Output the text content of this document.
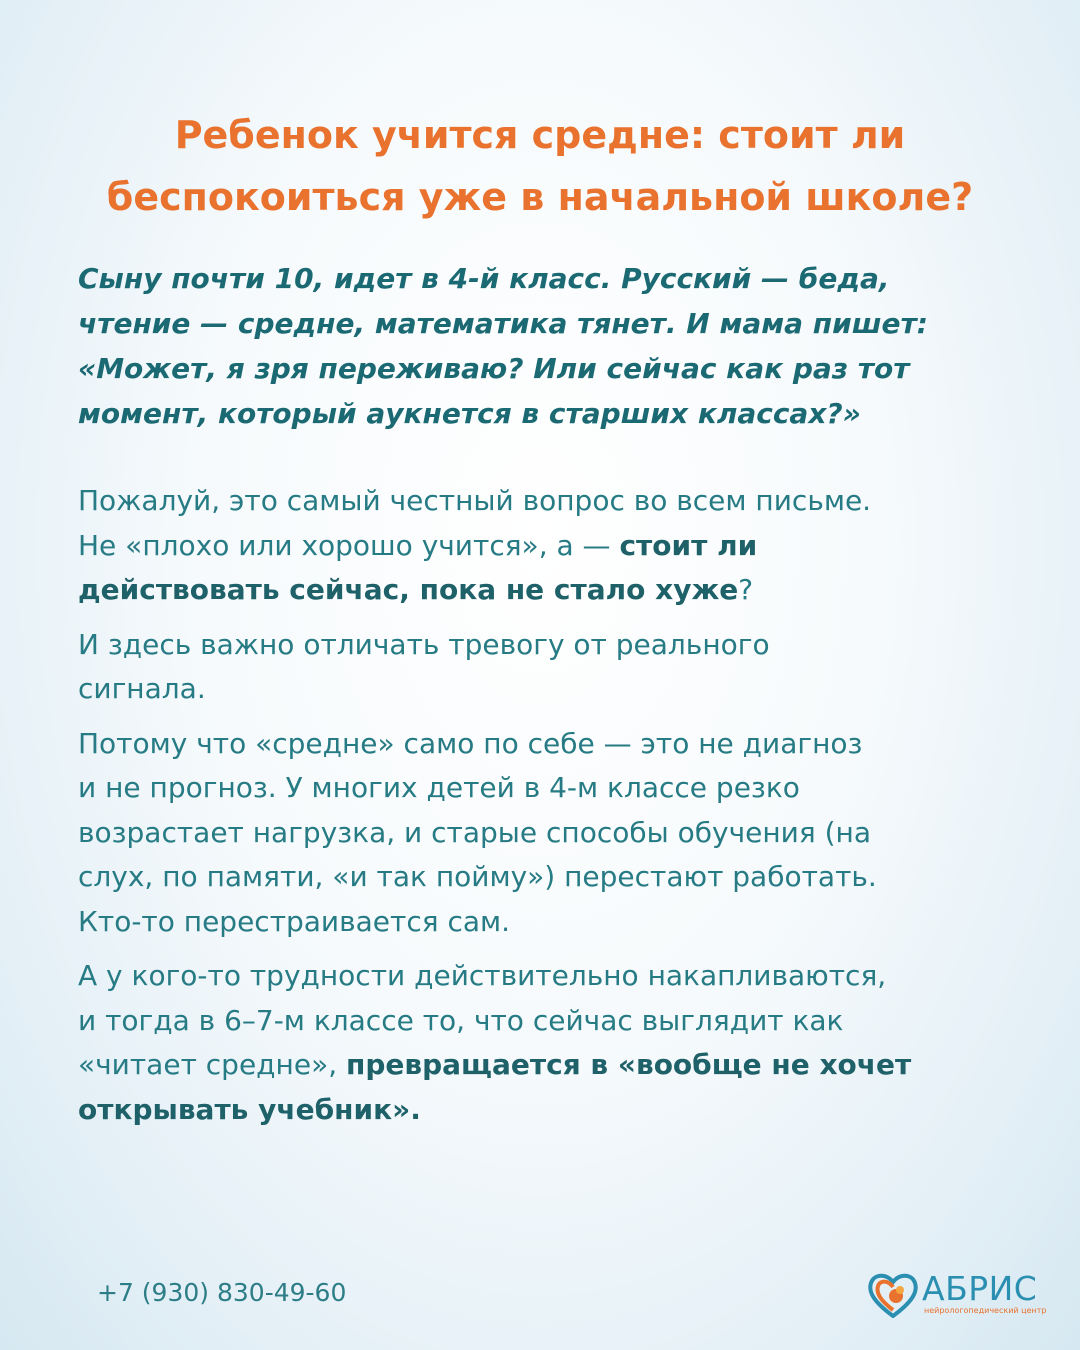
Ребенок учится средне: стоит ли
беспокоиться уже в начальной школе?

Сыну почти 10, идет в 4-й класс. Русский — беда,
чтение — средне, математика тянет. И мама пишет:
«Может, я зря переживаю? Или сейчас как раз тот
момент, который аукнется в старших классах?»

Пожалуй, это самый честный вопрос во всем письме.
Не «плохо или хорошо учится», а — стоит ли
действовать сейчас, пока не стало хуже?

И здесь важно отличать тревогу от реального
сигнала.

Потому что «средне» само по себе — это не диагноз
и не прогноз. У многих детей в 4-м классе резко
возрастает нагрузка, и старые способы обучения (на
слух, по памяти, «и так пойму») перестают работать.
Кто-то перестраивается сам.

А у кого-то трудности действительно накапливаются,
и тогда в 6–7-м классе то, что сейчас выглядит как
«читает средне», превращается в «вообще не хочет
открывать учебник».

+7 (930) 830-49-60	АБРИС
нейрологопедический центр
